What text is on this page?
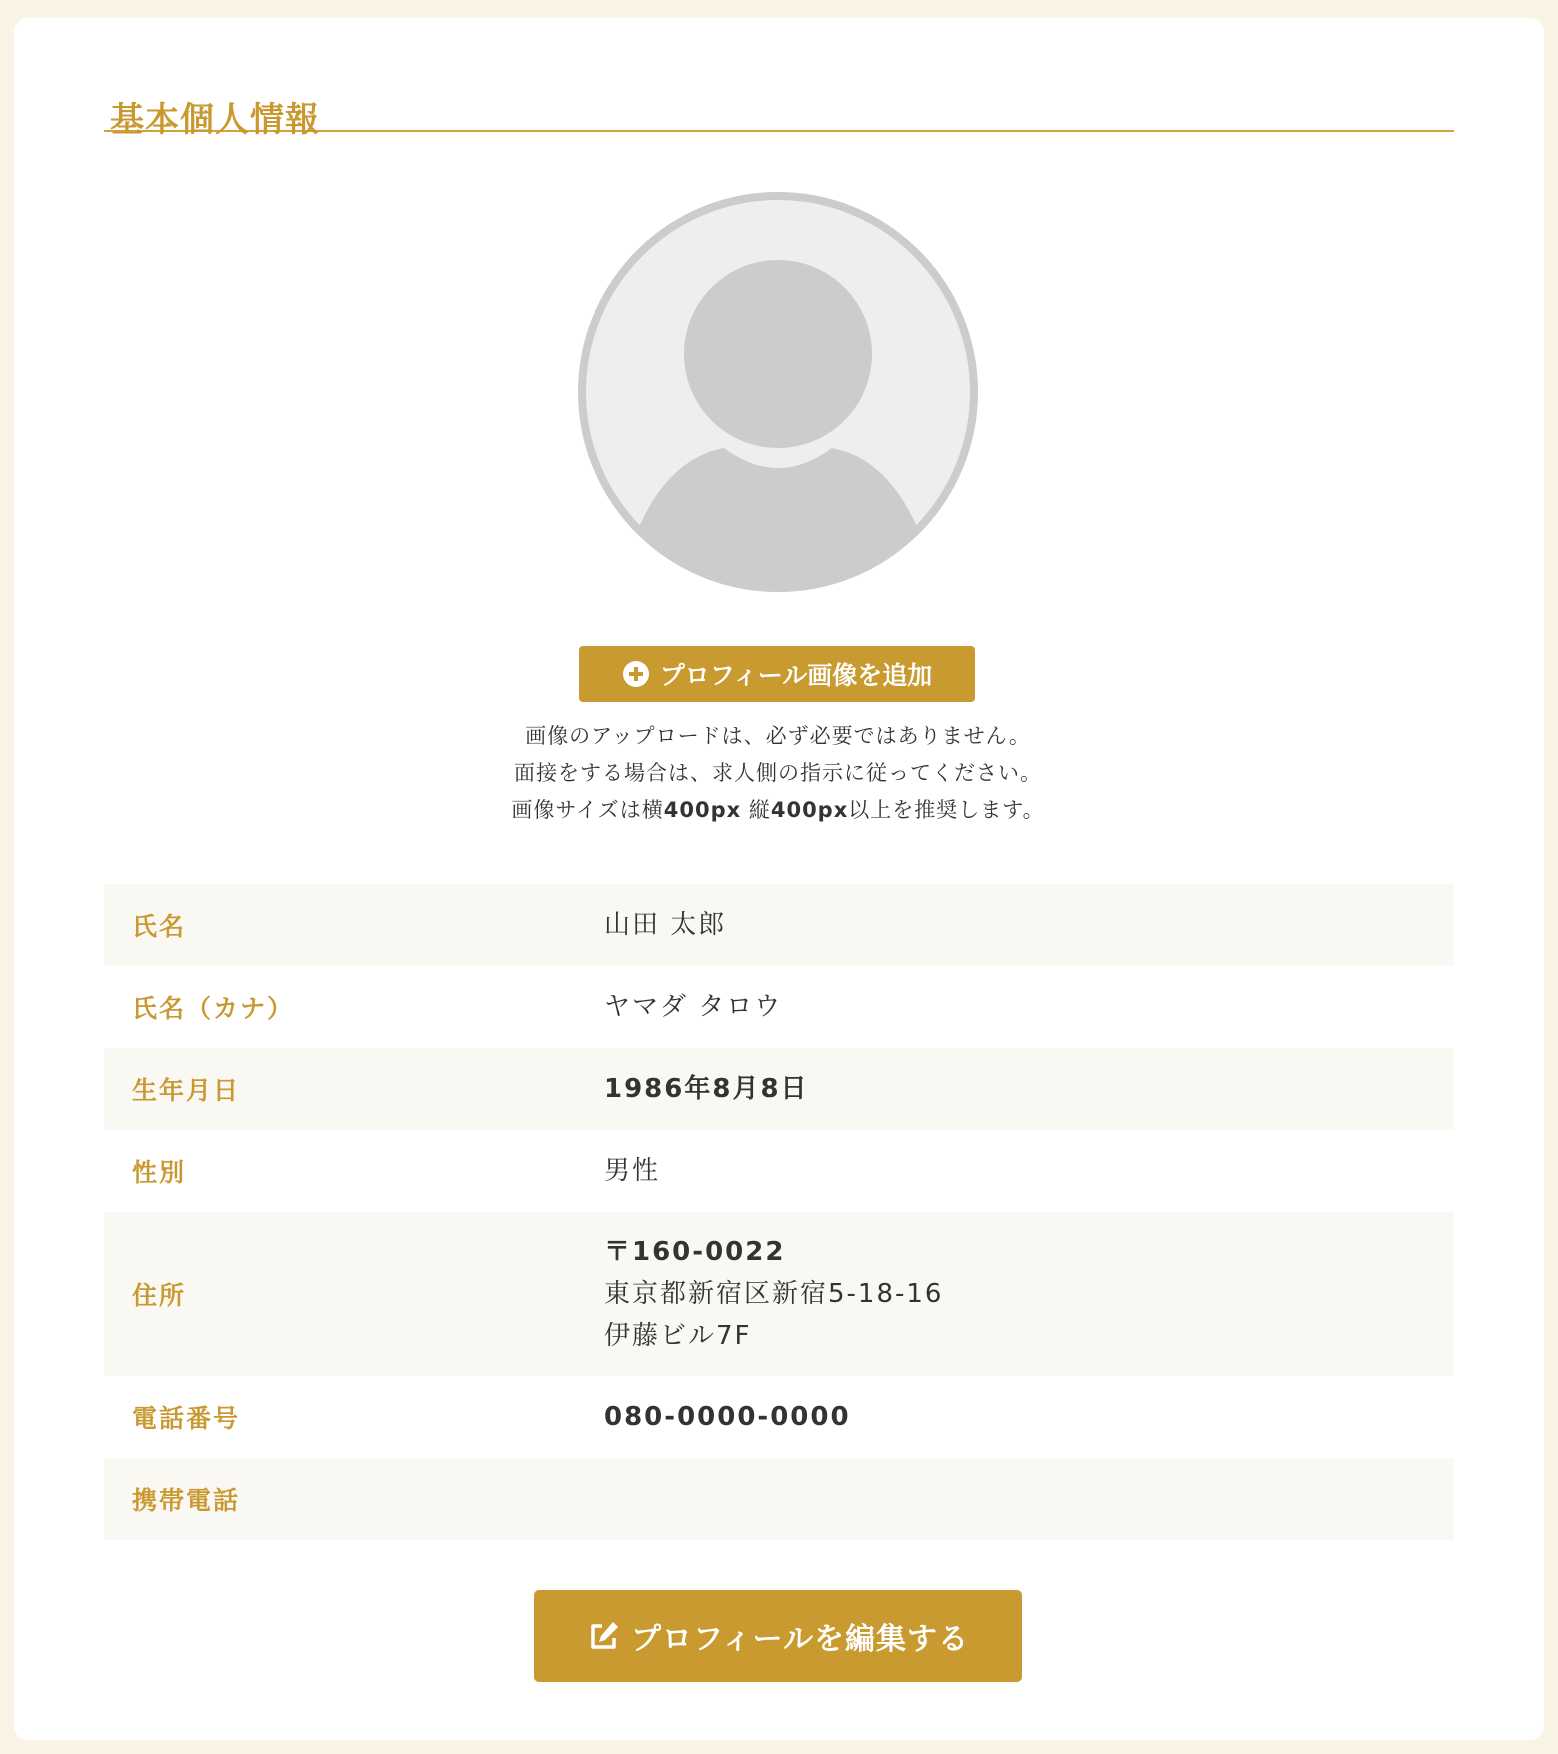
基本個人情報
プロフィール画像を追加
画像のアップロードは、必ず必要ではありません。
面接をする場合は、求人側の指示に従ってください。
画像サイズは横400px 縦400px以上を推奨します。
氏名	山田 太郎
氏名（カナ）	ヤマダ タロウ
生年月日	1986年8月8日
性別	男性
住所
〒160-0022
東京都新宿区新宿5-18-16
伊藤ビル7F
電話番号	080-0000-0000
携帯電話
プロフィールを編集する
